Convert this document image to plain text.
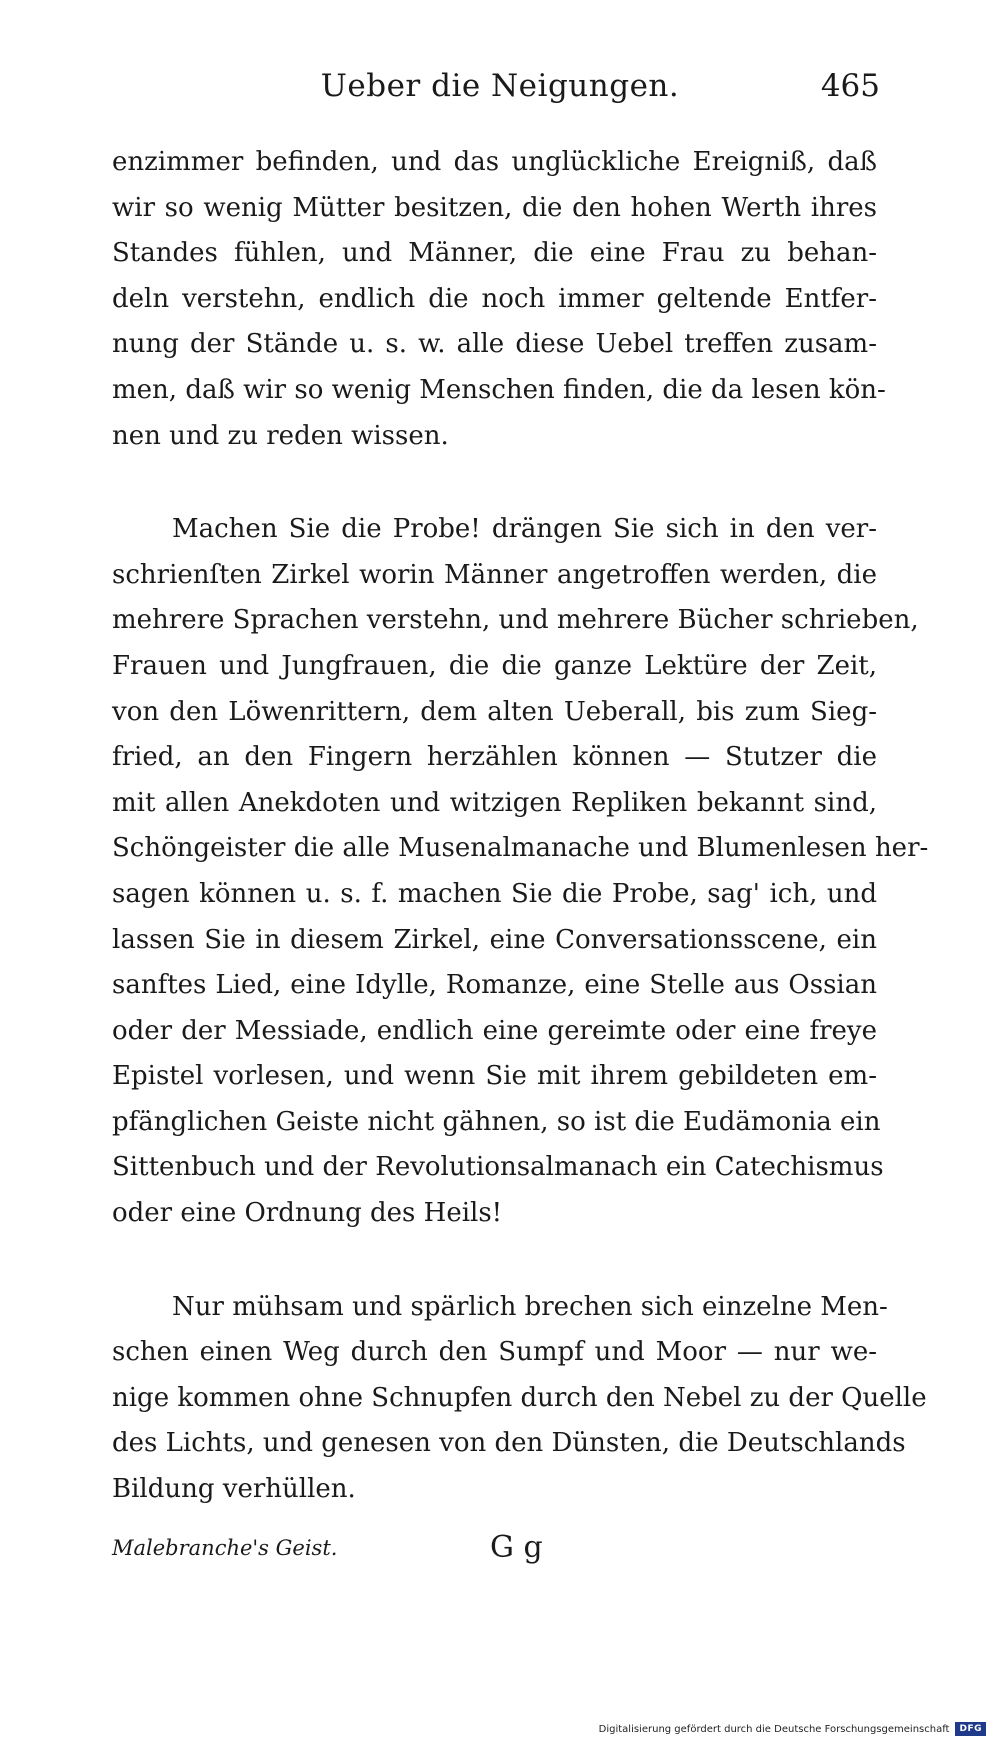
Ueber die Neigungen.	465

enzimmer befinden, und das unglückliche Ereigniß, daß
wir so wenig Mütter besitzen, die den hohen Werth ihres
Standes fühlen, und Männer, die eine Frau zu behan-
deln verstehn, endlich die noch immer geltende Entfer-
nung der Stände u. s. w. alle diese Uebel treffen zusam-
men, daß wir so wenig Menschen finden, die da lesen kön-
nen und zu reden wissen.

Machen Sie die Probe! drängen Sie sich in den ver-
schrienſten Zirkel worin Männer angetroffen werden, die
mehrere Sprachen verstehn, und mehrere Bücher schrieben,
Frauen und Jungfrauen, die die ganze Lektüre der Zeit,
von den Löwenrittern, dem alten Ueberall, bis zum Sieg-
fried, an den Fingern herzählen können — Stutzer die
mit allen Anekdoten und witzigen Repliken bekannt sind,
Schöngeister die alle Musenalmanache und Blumenlesen her-
sagen können u. s. f. machen Sie die Probe, sag' ich, und
lassen Sie in diesem Zirkel, eine Conversationsscene, ein
sanftes Lied, eine Idylle, Romanze, eine Stelle aus Ossian
oder der Messiade, endlich eine gereimte oder eine freye
Epistel vorlesen, und wenn Sie mit ihrem gebildeten em-
pfänglichen Geiste nicht gähnen, so ist die Eudämonia ein
Sittenbuch und der Revolutionsalmanach ein Catechismus
oder eine Ordnung des Heils!

Nur mühsam und spärlich brechen sich einzelne Men-
schen einen Weg durch den Sumpf und Moor — nur we-
nige kommen ohne Schnupfen durch den Nebel zu der Quelle
des Lichts, und genesen von den Dünsten, die Deutschlands
Bildung verhüllen.

Malebranche's Geist.	G g
Digitalisierung gefördert durch die Deutsche Forschungsgemeinschaft	DFG
